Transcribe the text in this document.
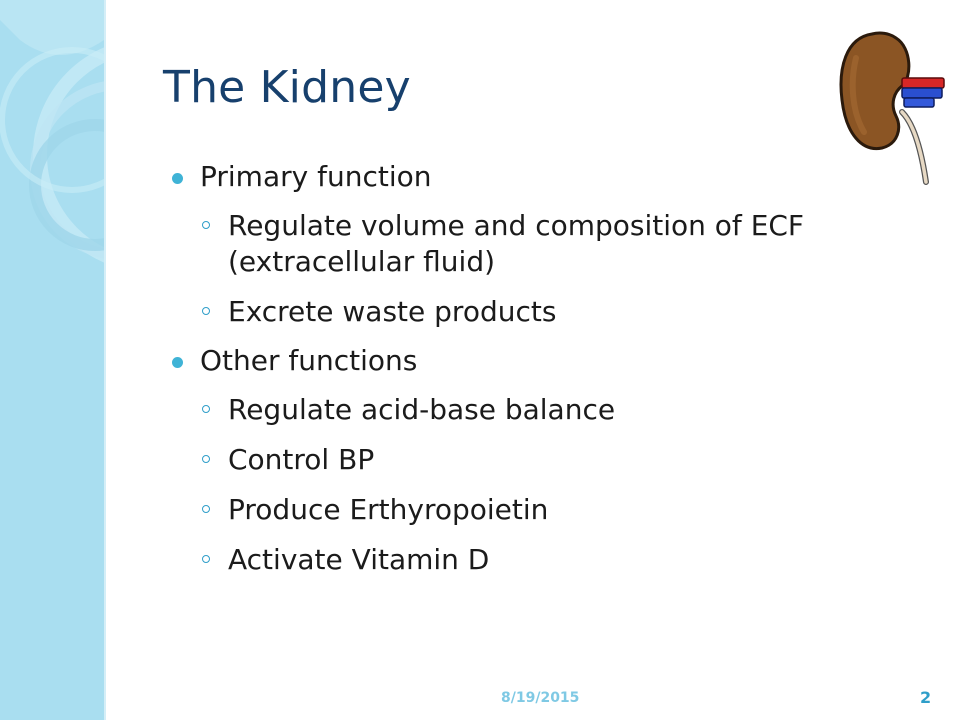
The Kidney
Primary function
Regulate volume and composition of ECF (extracellular fluid)
Excrete waste products
Other functions
Regulate acid-base balance
Control BP
Produce Erthyropoietin
Activate Vitamin D
8/19/2015	2
